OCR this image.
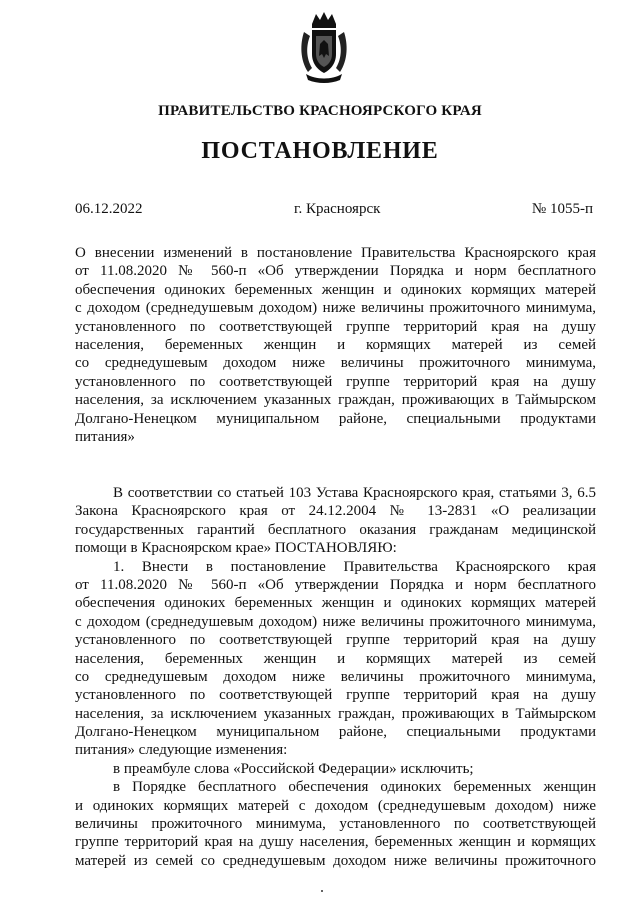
ПРАВИТЕЛЬСТВО КРАСНОЯРСКОГО КРАЯ
ПОСТАНОВЛЕНИЕ
06.12.2022	г. Красноярск	№ 1055-п
О внесении изменений в постановление Правительства Красноярского края
от 11.08.2020 № 560-п «Об утверждении Порядка и норм бесплатного
обеспечения одиноких беременных женщин и одиноких кормящих матерей
с доходом (среднедушевым доходом) ниже величины прожиточного минимума,
установленного по соответствующей группе территорий края на душу
населения, беременных женщин и кормящих матерей из семей
со среднедушевым доходом ниже величины прожиточного минимума,
установленного по соответствующей группе территорий края на душу
населения, за исключением указанных граждан, проживающих в Таймырском
Долгано-Ненецком муниципальном районе, специальными продуктами
питания»
В соответствии со статьей 103 Устава Красноярского края, статьями 3, 6.5
Закона Красноярского края от 24.12.2004 № 13-2831 «О реализации
государственных гарантий бесплатного оказания гражданам медицинской
помощи в Красноярском крае» ПОСТАНОВЛЯЮ:
1. Внести в постановление Правительства Красноярского края
от 11.08.2020 № 560-п «Об утверждении Порядка и норм бесплатного
обеспечения одиноких беременных женщин и одиноких кормящих матерей
с доходом (среднедушевым доходом) ниже величины прожиточного минимума,
установленного по соответствующей группе территорий края на душу
населения, беременных женщин и кормящих матерей из семей
со среднедушевым доходом ниже величины прожиточного минимума,
установленного по соответствующей группе территорий края на душу
населения, за исключением указанных граждан, проживающих в Таймырском
Долгано-Ненецком муниципальном районе, специальными продуктами
питания» следующие изменения:
в преамбуле слова «Российской Федерации» исключить;
в Порядке бесплатного обеспечения одиноких беременных женщин
и одиноких кормящих матерей с доходом (среднедушевым доходом) ниже
величины прожиточного минимума, установленного по соответствующей
группе территорий края на душу населения, беременных женщин и кормящих
матерей из семей со среднедушевым доходом ниже величины прожиточного
